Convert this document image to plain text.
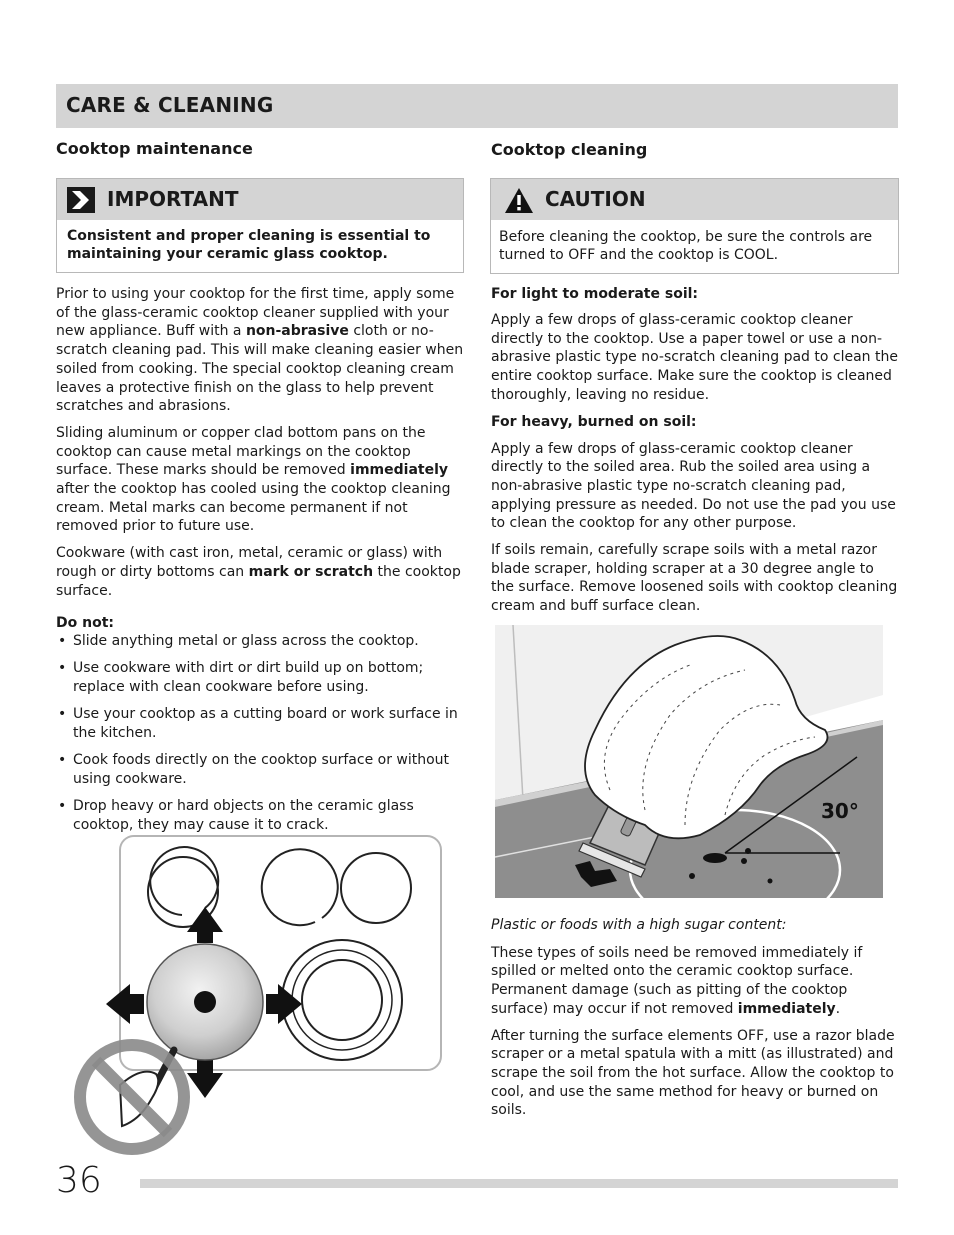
CARE & CLEANING
Cooktop maintenance
IMPORTANT
Consistent and proper cleaning is essential to maintaining your ceramic glass cooktop.

Prior to using your cooktop for the first time, apply some of the glass-ceramic cooktop cleaner supplied with your new appliance. Buff with a non-abrasive cloth or no-scratch cleaning pad. This will make cleaning easier when soiled from cooking. The special cooktop cleaning cream leaves a protective finish on the glass to help prevent scratches and abrasions.

Sliding aluminum or copper clad bottom pans on the cooktop can cause metal markings on the cooktop surface. These marks should be removed immediately after the cooktop has cooled using the cooktop cleaning cream. Metal marks can become permanent if not removed prior to future use.

Cookware (with cast iron, metal, ceramic or glass) with rough or dirty bottoms can mark or scratch the cooktop surface.

Do not:
• Slide anything metal or glass across the cooktop.
• Use cookware with dirt or dirt build up on bottom; replace with clean cookware before using.
• Use your cooktop as a cutting board or work surface in the kitchen.
• Cook foods directly on the cooktop surface or without using cookware.
• Drop heavy or hard objects on the ceramic glass cooktop, they may cause it to crack.
Cooktop cleaning
CAUTION
Before cleaning the cooktop, be sure the controls are turned to OFF and the cooktop is COOL.
For light to moderate soil:

Apply a few drops of glass-ceramic cooktop cleaner directly to the cooktop. Use a paper towel or use a non-abrasive plastic type no-scratch cleaning pad to clean the entire cooktop surface. Make sure the cooktop is cleaned thoroughly, leaving no residue.

For heavy, burned on soil:

Apply a few drops of glass-ceramic cooktop cleaner directly to the soiled area. Rub the soiled area using a non-abrasive plastic type no-scratch cleaning pad, applying pressure as needed. Do not use the pad you use to clean the cooktop for any other purpose.

If soils remain, carefully scrape soils with a metal razor blade scraper, holding scraper at a 30 degree angle to the surface. Remove loosened soils with cooktop cleaning cream and buff surface clean.

30°

Plastic or foods with a high sugar content:

These types of soils need be removed immediately if spilled or melted onto the ceramic cooktop surface. Permanent damage (such as pitting of the cooktop surface) may occur if not removed immediately.

After turning the surface elements OFF, use a razor blade scraper or a metal spatula with a mitt (as illustrated) and scrape the soil from the hot surface. Allow the cooktop to cool, and use the same method for heavy or burned on soils.

36
